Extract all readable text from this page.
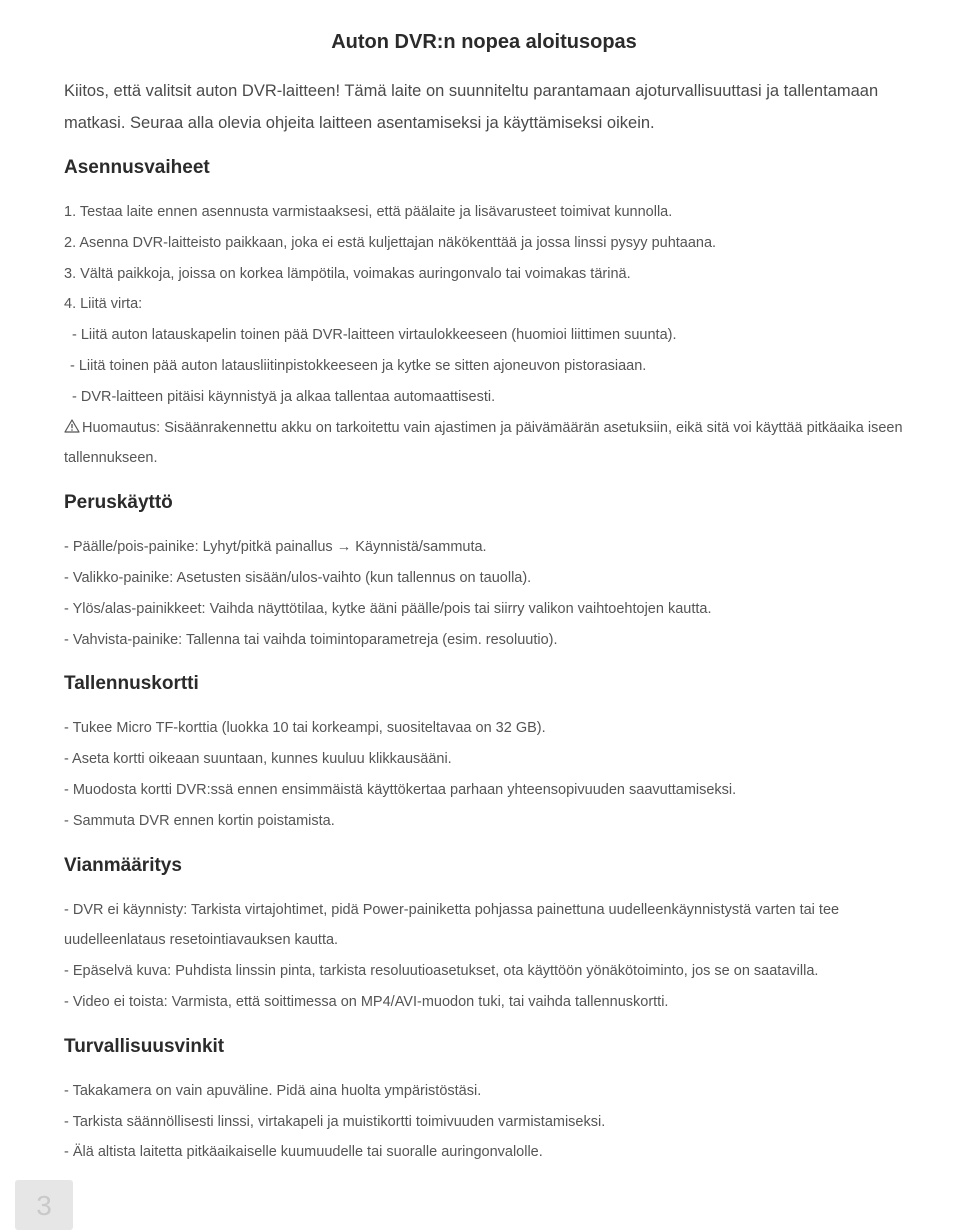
Auton DVR:n nopea aloitusopas

Kiitos, että valitsit auton DVR-laitteen! Tämä laite on suunniteltu parantamaan ajoturvallisuuttasi ja tallentamaan matkasi. Seuraa alla olevia ohjeita laitteen asentamiseksi ja käyttämiseksi oikein.

Asennusvaiheet

1. Testaa laite ennen asennusta varmistaaksesi, että päälaite ja lisävarusteet toimivat kunnolla.

2. Asenna DVR-laitteisto paikkaan, joka ei estä kuljettajan näkökenttää ja jossa linssi pysyy puhtaana.

3. Vältä paikkoja, joissa on korkea lämpötila, voimakas auringonvalo tai voimakas tärinä.

4. Liitä virta:

- Liitä auton latauskapelin toinen pää DVR-laitteen virtaulokkeeseen (huomioi liittimen suunta).

- Liitä toinen pää auton latausliitinpistokkeeseen ja kytke se sitten ajoneuvon pistorasiaan.

- DVR-laitteen pitäisi käynnistyä ja alkaa tallentaa automaattisesti.

Huomautus: Sisäänrakennettu akku on tarkoitettu vain ajastimen ja päivämäärän asetuksiin, eikä sitä voi käyttää pitkäaika iseen tallennukseen.

Peruskäyttö

- Päälle/pois-painike: Lyhyt/pitkä painallus → Käynnistä/sammuta.

- Valikko-painike: Asetusten sisään/ulos-vaihto (kun tallennus on tauolla).

- Ylös/alas-painikkeet: Vaihda näyttötilaa, kytke ääni päälle/pois tai siirry valikon vaihtoehtojen kautta.

- Vahvista-painike: Tallenna tai vaihda toimintoparametreja (esim. resoluutio).

Tallennuskortti

- Tukee Micro TF-korttia (luokka 10 tai korkeampi, suositeltavaa on 32 GB).

- Aseta kortti oikeaan suuntaan, kunnes kuuluu klikkausääni.

- Muodosta kortti DVR:ssä ennen ensimmäistä käyttökertaa parhaan yhteensopivuuden saavuttamiseksi.

- Sammuta DVR ennen kortin poistamista.

Vianmääritys

- DVR ei käynnisty: Tarkista virtajohtimet, pidä Power-painiketta pohjassa painettuna uudelleenkäynnistystä varten tai tee uudelleenlataus resetointiavauksen kautta.

- Epäselvä kuva: Puhdista linssin pinta, tarkista resoluutioasetukset, ota käyttöön yönäkötoiminto, jos se on saatavilla.

- Video ei toista: Varmista, että soittimessa on MP4/AVI-muodon tuki, tai vaihda tallennuskortti.

Turvallisuusvinkit

- Takakamera on vain apuväline. Pidä aina huolta ympäristöstäsi.

- Tarkista säännöllisesti linssi, virtakapeli ja muistikortti toimivuuden varmistamiseksi.

- Älä altista laitetta pitkäaikaiselle kuumuudelle tai suoralle auringonvalolle.

3
